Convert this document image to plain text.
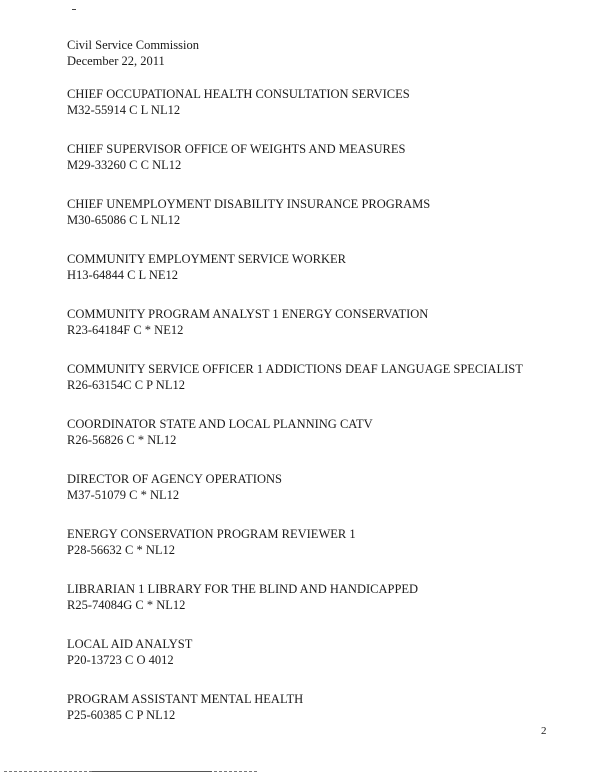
Civil Service Commission
December 22, 2011
CHIEF OCCUPATIONAL HEALTH CONSULTATION SERVICES
M32-55914 C L NL12
CHIEF SUPERVISOR OFFICE OF WEIGHTS AND MEASURES
M29-33260 C C NL12
CHIEF UNEMPLOYMENT DISABILITY INSURANCE PROGRAMS
M30-65086 C L NL12
COMMUNITY EMPLOYMENT SERVICE WORKER
H13-64844 C L NE12
COMMUNITY PROGRAM ANALYST 1 ENERGY CONSERVATION
R23-64184F C * NE12
COMMUNITY SERVICE OFFICER 1 ADDICTIONS DEAF LANGUAGE SPECIALIST
R26-63154C C P NL12
COORDINATOR STATE AND LOCAL PLANNING CATV
R26-56826 C * NL12
DIRECTOR OF AGENCY OPERATIONS
M37-51079 C * NL12
ENERGY CONSERVATION PROGRAM REVIEWER 1
P28-56632 C * NL12
LIBRARIAN 1 LIBRARY FOR THE BLIND AND HANDICAPPED
R25-74084G C * NL12
LOCAL AID ANALYST
P20-13723 C O 4012
PROGRAM ASSISTANT MENTAL HEALTH
P25-60385 C P NL12
2
